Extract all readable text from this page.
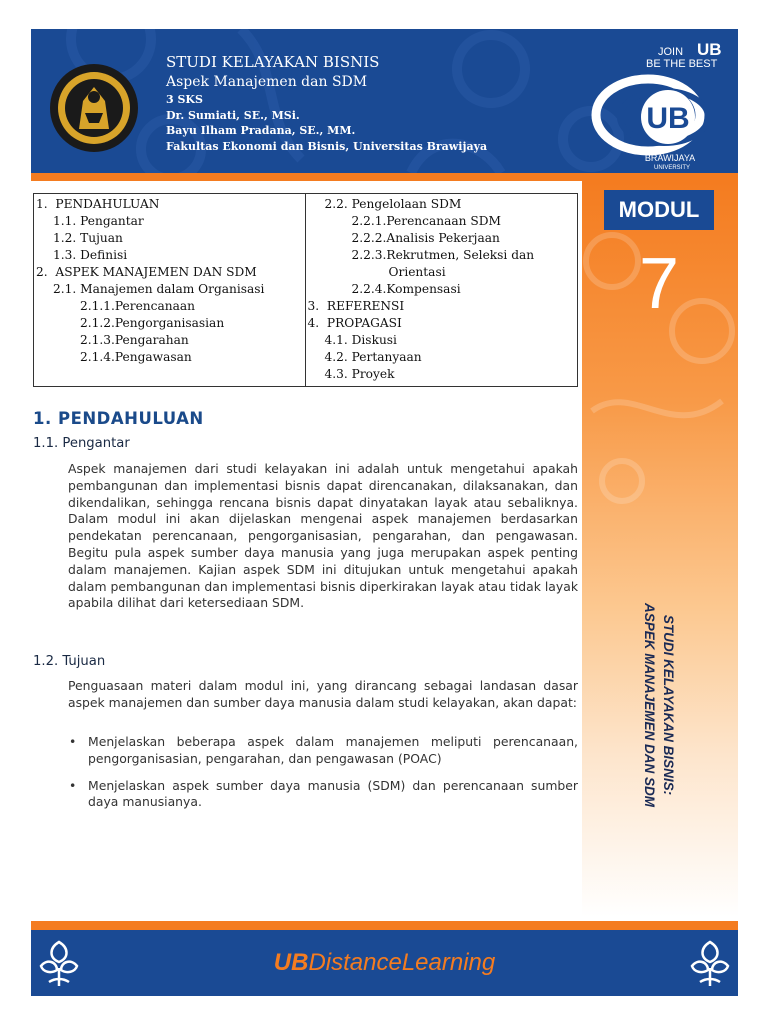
STUDI KELAYAKAN BISNIS
Aspek Manajemen dan SDM
3 SKS
Dr. Sumiati, SE., MSi.
Bayu Ilham Pradana, SE., MM.
Fakultas Ekonomi dan Bisnis, Universitas Brawijaya
UB
JOIN UB
BE THE BEST
BRAWIJAYA
UNIVERSITY
MODUL
7
STUDI KELAYAKAN BISNIS:
ASPEK MANAJEMEN DAN SDM
1. PENDAHULUAN
1.1. Pengantar
1.2. Tujuan
1.3. Definisi
2. ASPEK MANAJEMEN DAN SDM
2.1. Manajemen dalam Organisasi
2.1.1.Perencanaan
2.1.2.Pengorganisasian
2.1.3.Pengarahan
2.1.4.Pengawasan
2.2. Pengelolaan SDM
2.2.1.Perencanaan SDM
2.2.2.Analisis Pekerjaan
2.2.3.Rekrutmen, Seleksi dan
Orientasi
2.2.4.Kompensasi
3. REFERENSI
4. PROPAGASI
4.1. Diskusi
4.2. Pertanyaan
4.3. Proyek
1. PENDAHULUAN
1.1. Pengantar
Aspek manajemen dari studi kelayakan ini adalah untuk mengetahui apakah pembangunan dan implementasi bisnis dapat direncanakan, dilaksanakan, dan dikendalikan, sehingga rencana bisnis dapat dinyatakan layak atau sebaliknya. Dalam modul ini akan dijelaskan mengenai aspek manajemen berdasarkan pendekatan perencanaan, pengorganisasian, pengarahan, dan pengawasan. Begitu pula aspek sumber daya manusia yang juga merupakan aspek penting dalam manajemen. Kajian aspek SDM ini ditujukan untuk mengetahui apakah dalam pembangunan dan implementasi bisnis diperkirakan layak atau tidak layak apabila dilihat dari ketersediaan SDM.
1.2. Tujuan
Penguasaan materi dalam modul ini, yang dirancang sebagai landasan dasar aspek manajemen dan sumber daya manusia dalam studi kelayakan, akan dapat:
• Menjelaskan beberapa aspek dalam manajemen meliputi perencanaan, pengorganisasian, pengarahan, dan pengawasan (POAC)
• Menjelaskan aspek sumber daya manusia (SDM) dan perencanaan sumber daya manusianya.
UBDistanceLearning
